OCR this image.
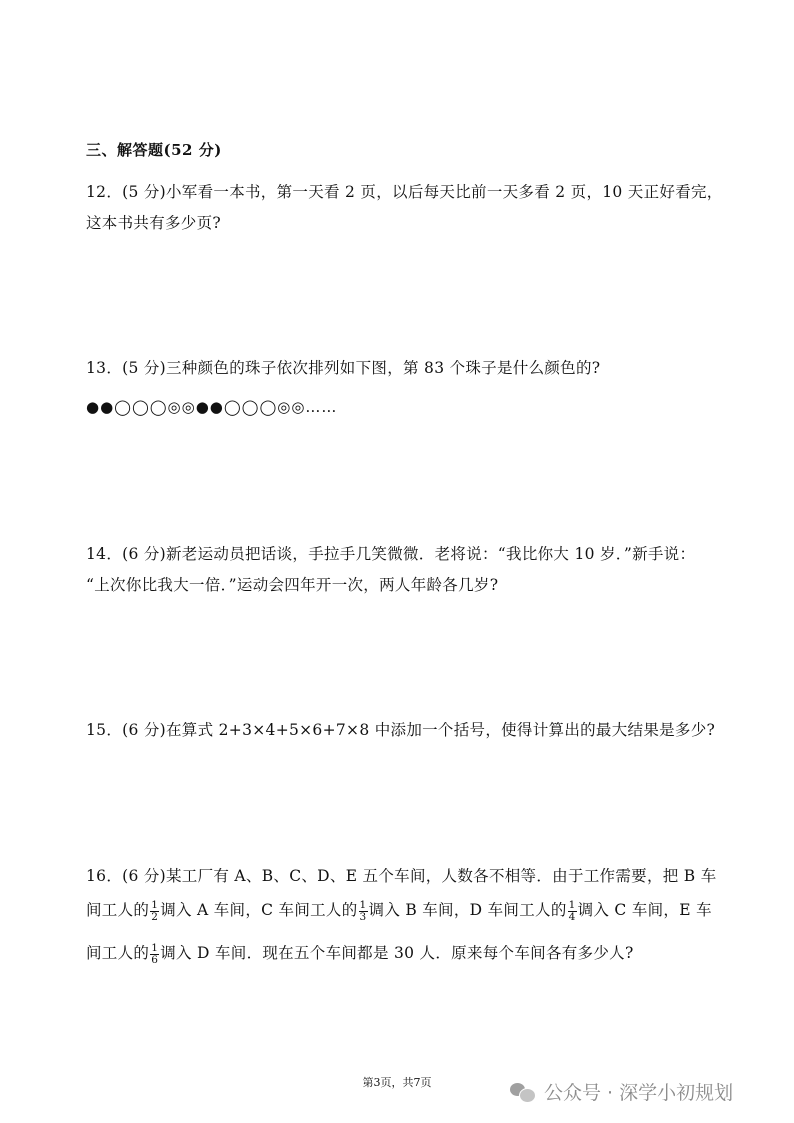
三、解答题(52 分)
12．(5 分)小军看一本书，第一天看 2 页，以后每天比前一天多看 2 页，10 天正好看完，
这本书共有多少页?
13．(5 分)三种颜色的珠子依次排列如下图，第 83 个珠子是什么颜色的?
●●◯◯◯◎◎●●◯◯◯◎◎……
14．(6 分)新老运动员把话谈，手拉手几笑微微．老将说：“我比你大 10 岁．”新手说：
“上次你比我大一倍．”运动会四年开一次，两人年龄各几岁?
15．(6 分)在算式 2+3×4+5×6+7×8 中添加一个括号，使得计算出的最大结果是多少?
16．(6 分)某工厂有 A、B、C、D、E 五个车间，人数各不相等．由于工作需要，把 B 车
间工人的 $\frac{1}{2}$ 调入 A 车间，C 车间工人的 $\frac{1}{3}$ 调入 B 车间，D 车间工人的 $\frac{1}{4}$ 调入 C 车间，E 车
间工人的 $\frac{1}{6}$ 调入 D 车间．现在五个车间都是 30 人．原来每个车间各有多少人?
第3页，共7页	公众号 · 深学小初规划
